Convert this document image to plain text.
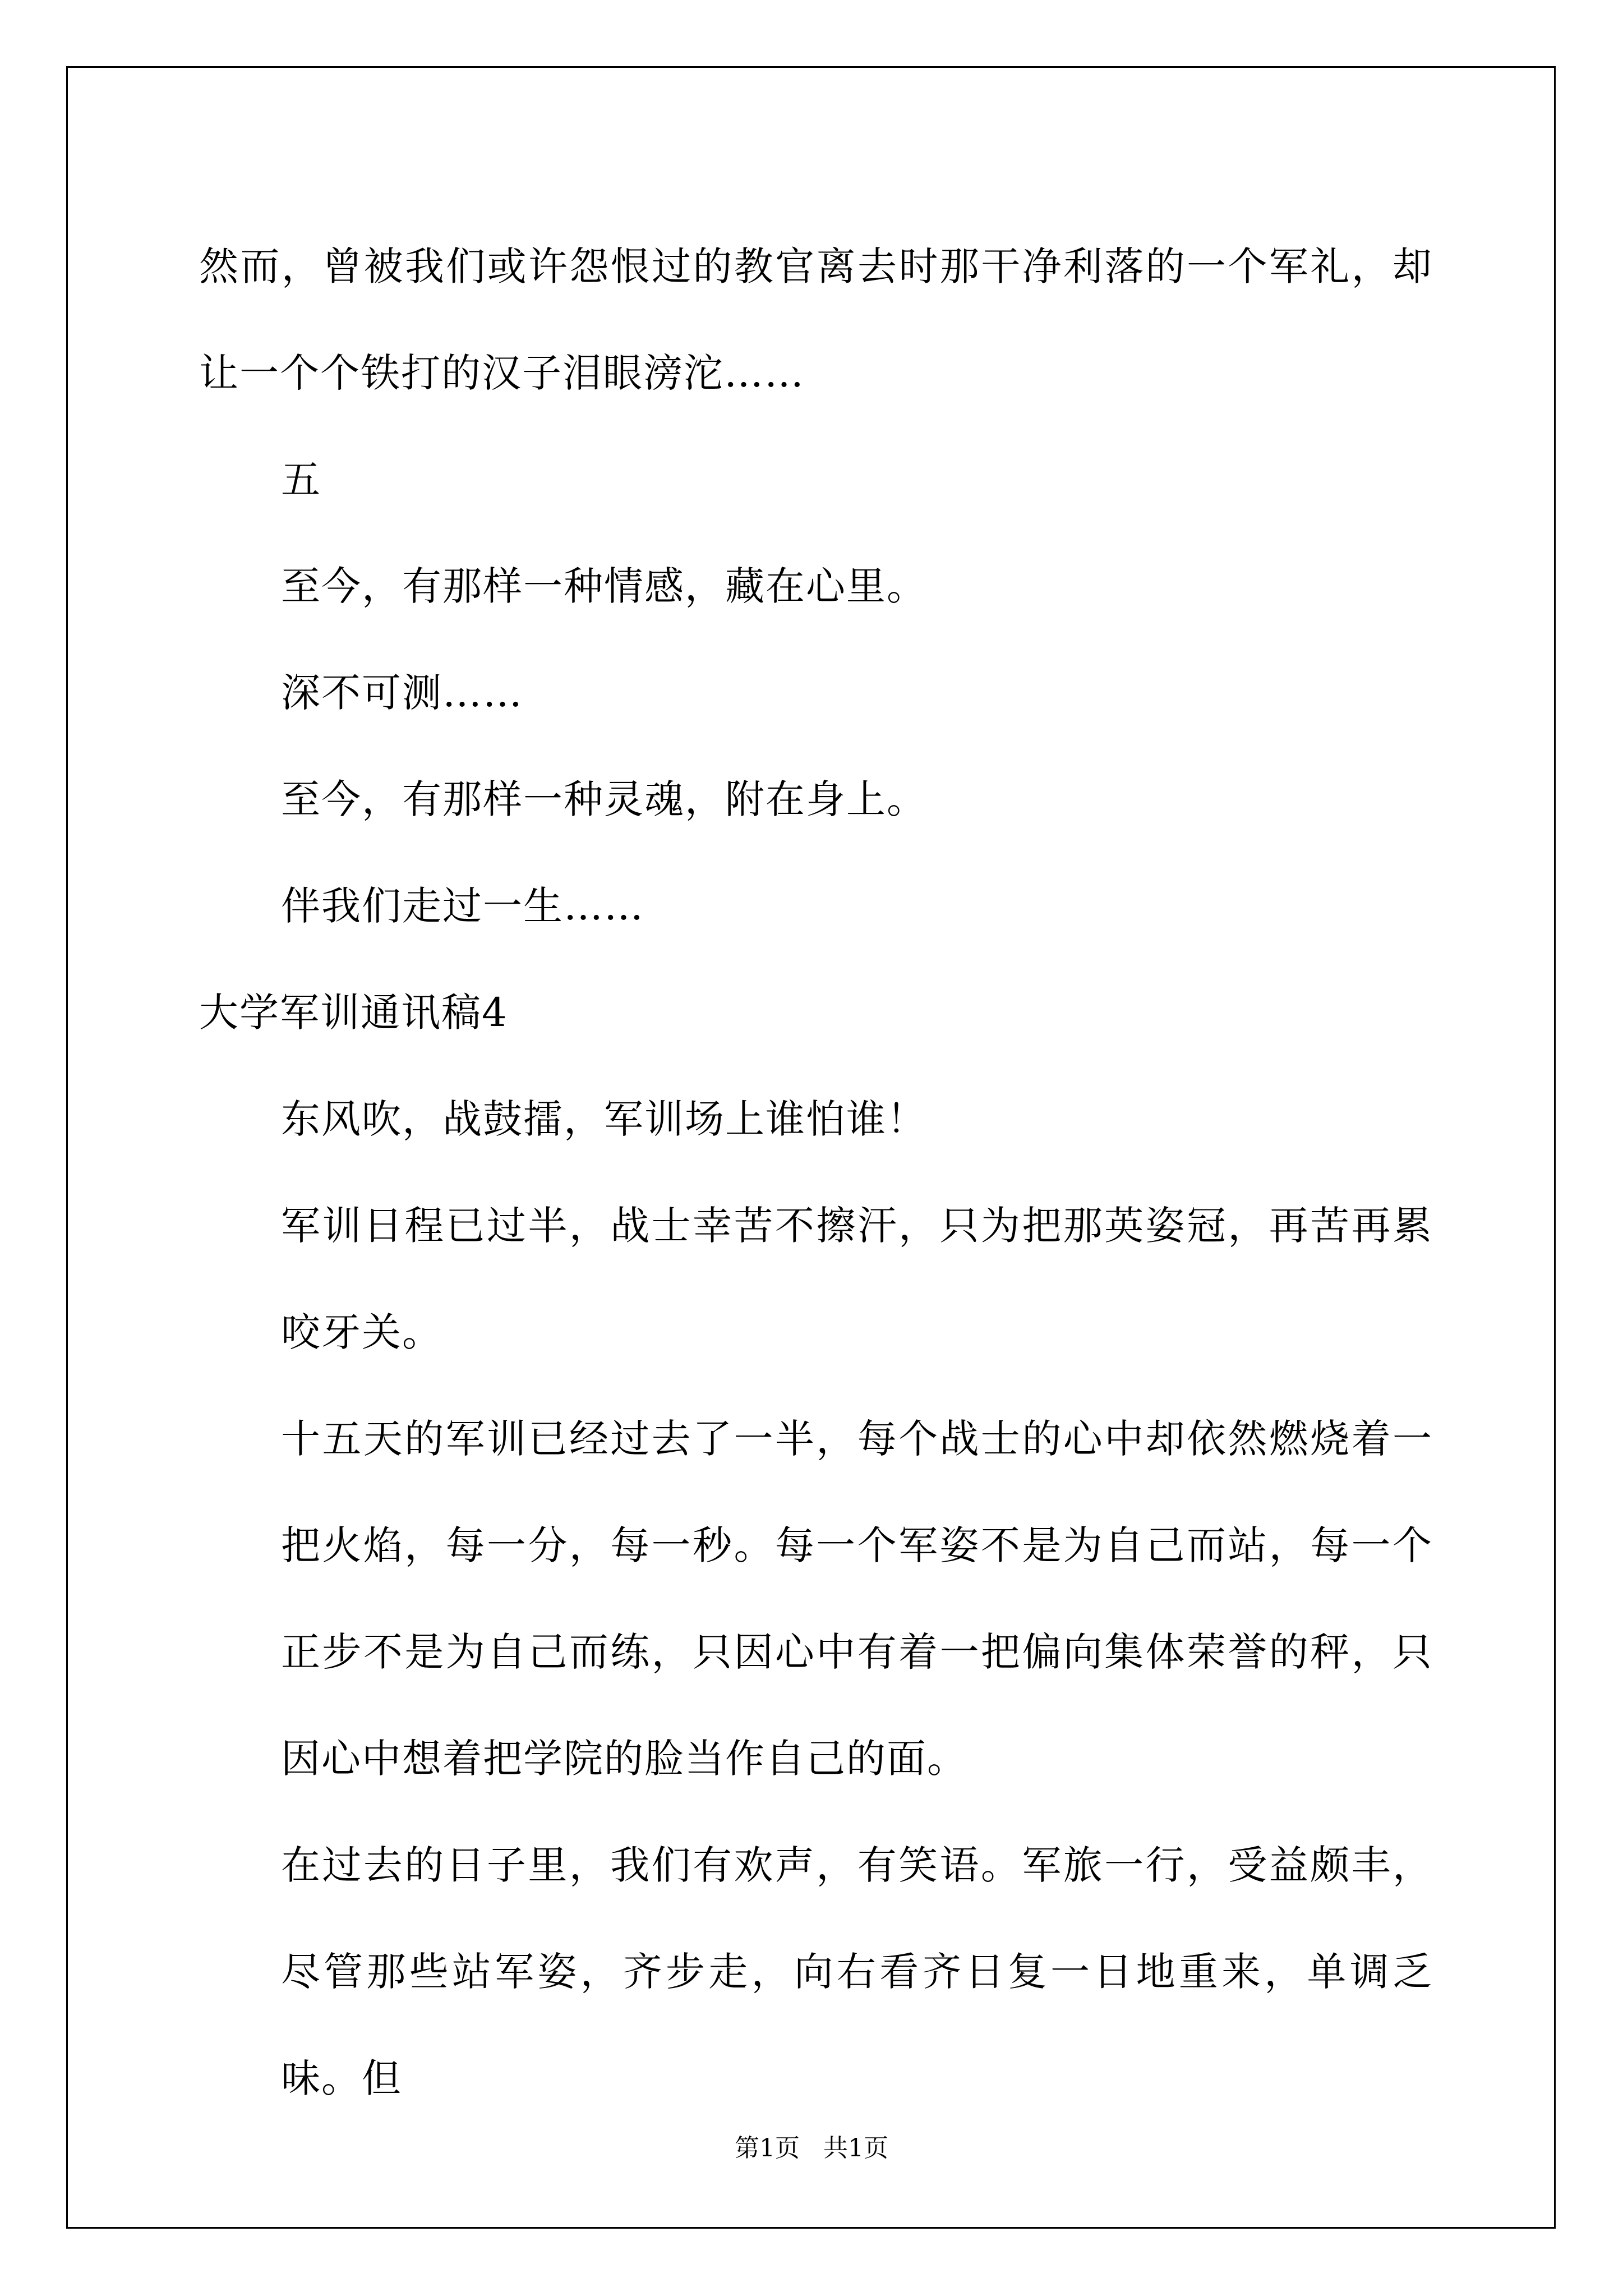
然而，曾被我们或许怨恨过的教官离去时那干净利落的一个军礼，却让一个个铁打的汉子泪眼滂沱……

五

至今，有那样一种情感，藏在心里。

深不可测……

至今，有那样一种灵魂，附在身上。

伴我们走过一生……

大学军训通讯稿4

东风吹，战鼓擂，军训场上谁怕谁！

军训日程已过半，战士幸苦不擦汗，只为把那英姿冠，再苦再累咬牙关。

十五天的军训已经过去了一半，每个战士的心中却依然燃烧着一把火焰，每一分，每一秒。每一个军姿不是为自己而站，每一个正步不是为自己而练，只因心中有着一把偏向集体荣誉的秤，只因心中想着把学院的脸当作自己的面。

在过去的日子里，我们有欢声，有笑语。军旅一行，受益颇丰，尽管那些站军姿，齐步走，向右看齐日复一日地重来，单调乏味。但

第1页   共1页
